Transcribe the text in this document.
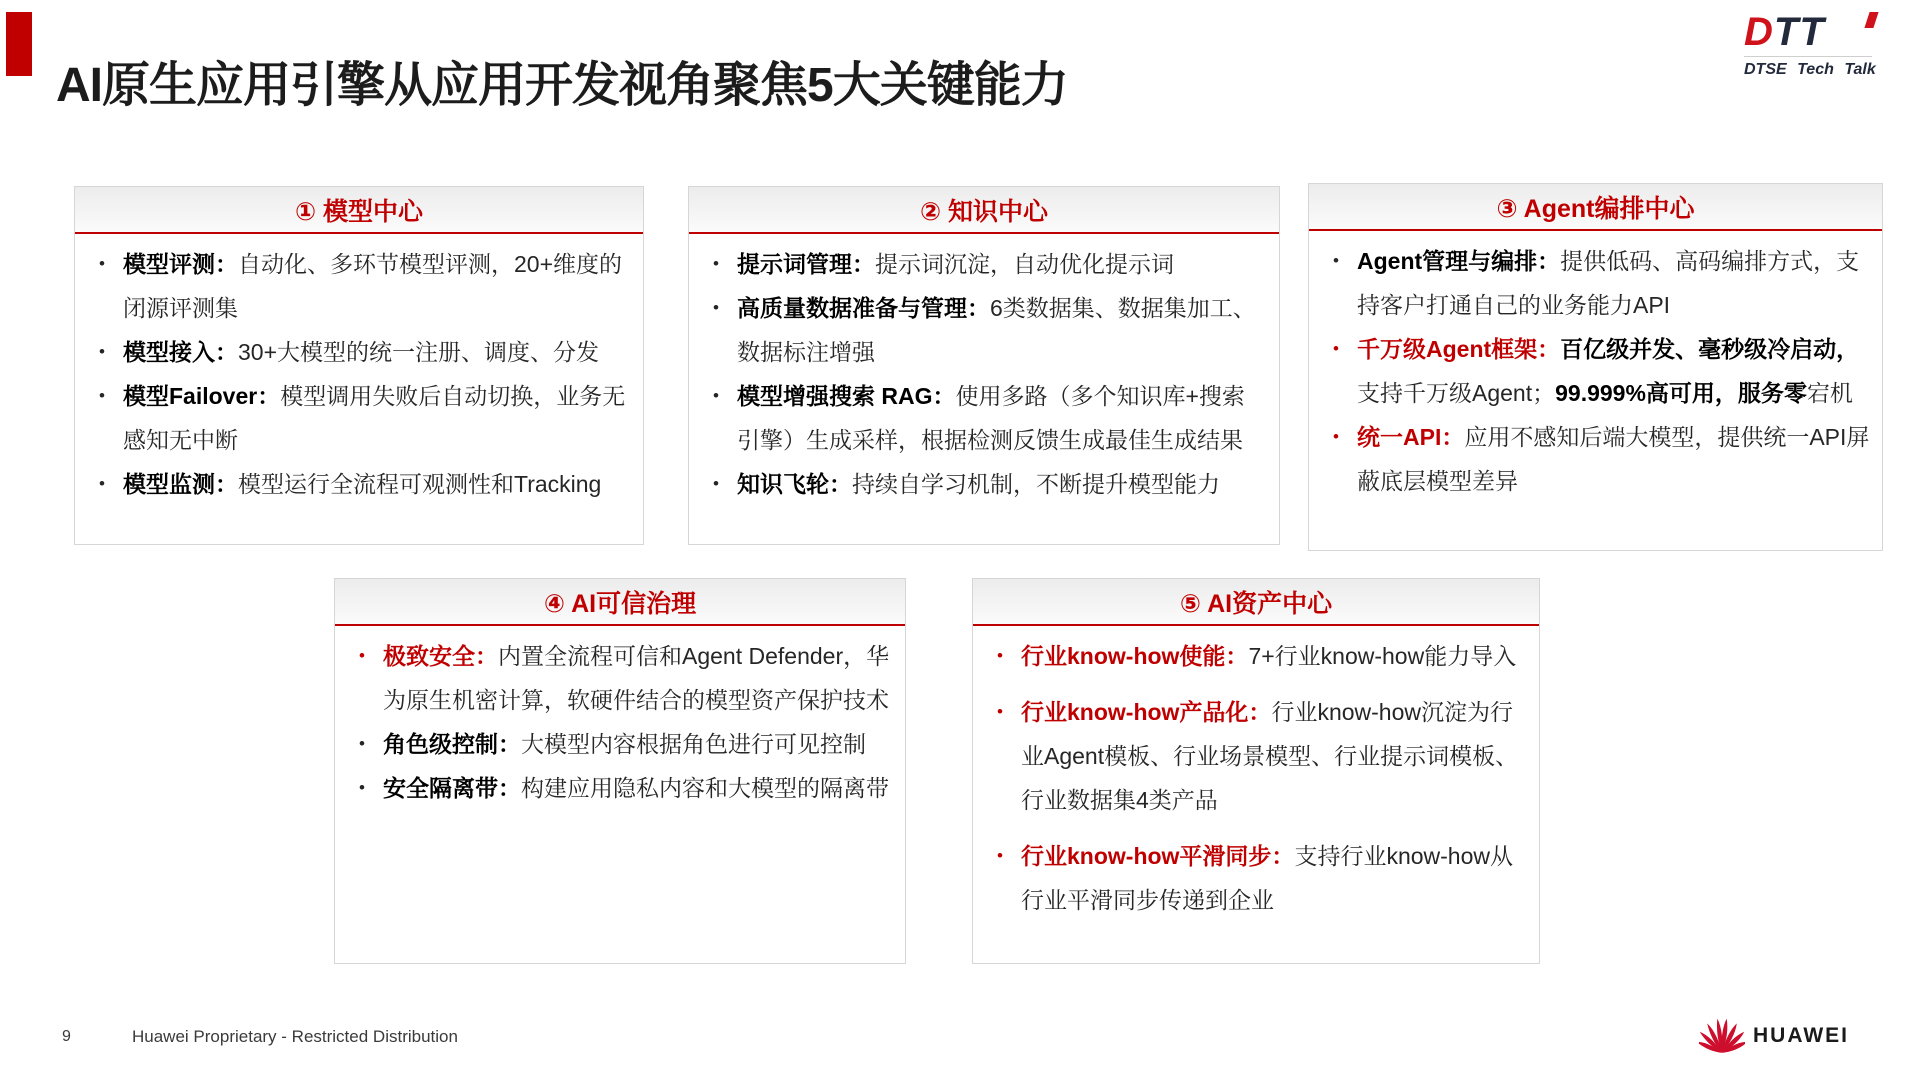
AI原生应用引擎从应用开发视角聚焦5大关键能力
DTT
DTSE Tech Talk
① 模型中心
• 模型评测：自动化、多环节模型评测，20+维度的闭源评测集
• 模型接入：30+大模型的统一注册、调度、分发
• 模型Failover：模型调用失败后自动切换，业务无感知无中断
• 模型监测：模型运行全流程可观测性和Tracking
② 知识中心
• 提示词管理：提示词沉淀，自动优化提示词
• 高质量数据准备与管理：6类数据集、数据集加工、数据标注增强
• 模型增强搜索 RAG：使用多路（多个知识库+搜索引擎）生成采样，根据检测反馈生成最佳生成结果
• 知识飞轮：持续自学习机制，不断提升模型能力
③ Agent编排中心
• Agent管理与编排：提供低码、高码编排方式，支持客户打通自己的业务能力API
• 千万级Agent框架：百亿级并发、毫秒级冷启动，支持千万级Agent；99.999%高可用，服务零宕机
• 统一API：应用不感知后端大模型，提供统一API屏蔽底层模型差异
④ AI可信治理
• 极致安全：内置全流程可信和Agent Defender，华为原生机密计算，软硬件结合的模型资产保护技术
• 角色级控制：大模型内容根据角色进行可见控制
• 安全隔离带：构建应用隐私内容和大模型的隔离带
⑤ AI资产中心
• 行业know-how使能：7+行业know-how能力导入
• 行业know-how产品化：行业know-how沉淀为行业Agent模板、行业场景模型、行业提示词模板、行业数据集4类产品
• 行业know-how平滑同步：支持行业know-how从行业平滑同步传递到企业
9	Huawei Proprietary - Restricted Distribution	HUAWEI
